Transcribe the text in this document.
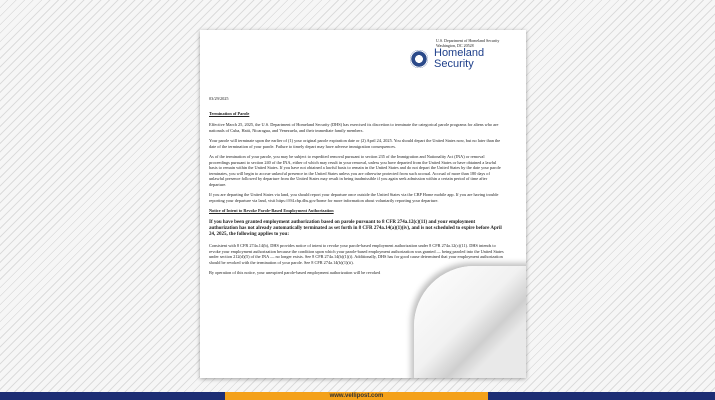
U.S. Department of Homeland Security
Washington, DC 20528
Homeland
Security

03/29/2025

Termination of Parole

Effective March 25, 2025, the U.S. Department of Homeland Security (DHS) has exercised its discretion to terminate the categorical parole programs for aliens who are nationals of Cuba, Haiti, Nicaragua, and Venezuela, and their immediate family members.

Your parole will terminate upon the earlier of (1) your original parole expiration date or (2) April 24, 2025. You should depart the United States now, but no later than the date of the termination of your parole. Failure to timely depart may have adverse immigration consequences.

As of the termination of your parole, you may be subject to expedited removal pursuant to section 235 of the Immigration and Nationality Act (INA) or removal proceedings pursuant to section 240 of the INA, either of which may result in your removal, unless you have departed from the United States or have obtained a lawful basis to remain within the United States. If you have not obtained a lawful basis to remain in the United States and do not depart the United States by the date your parole terminates, you will begin to accrue unlawful presence in the United States unless you are otherwise protected from such accrual. Accrual of more than 180 days of unlawful presence followed by departure from the United States may result in being inadmissible if you again seek admission within a certain period of time after departure.

If you are departing the United States via land, you should report your departure once outside the United States via the CBP Home mobile app. If you are having trouble reporting your departure via land, visit https://i94.cbp.dhs.gov/home for more information about voluntarily reporting your departure.

Notice of Intent to Revoke Parole-Based Employment Authorization

If you have been granted employment authorization based on parole pursuant to 8 CFR 274a.12(c)(11) and your employment authorization has not already automatically terminated as set forth in 8 CFR 274a.14(a)(1)(iv), and is not scheduled to expire before April 24, 2025, the following applies to you:

Consistent with 8 CFR 274a.14(b), DHS provides notice of intent to revoke your parole-based employment authorization under 8 CFR 274a.12(c)(11). DHS intends to revoke your employment authorization because the condition upon which your parole-based employment authorization was granted — being paroled into the United States under section 212(d)(5) of the INA — no longer exists. See 8 CFR 274a.14(b)(1)(i). Additionally, DHS has for good cause determined that your employment authorization should be revoked with the termination of your parole. See 8 CFR 274a.14(b)(1)(ii).

By operation of this notice, your unexpired parole-based employment authorization will be revoked

www.vellipost.com
